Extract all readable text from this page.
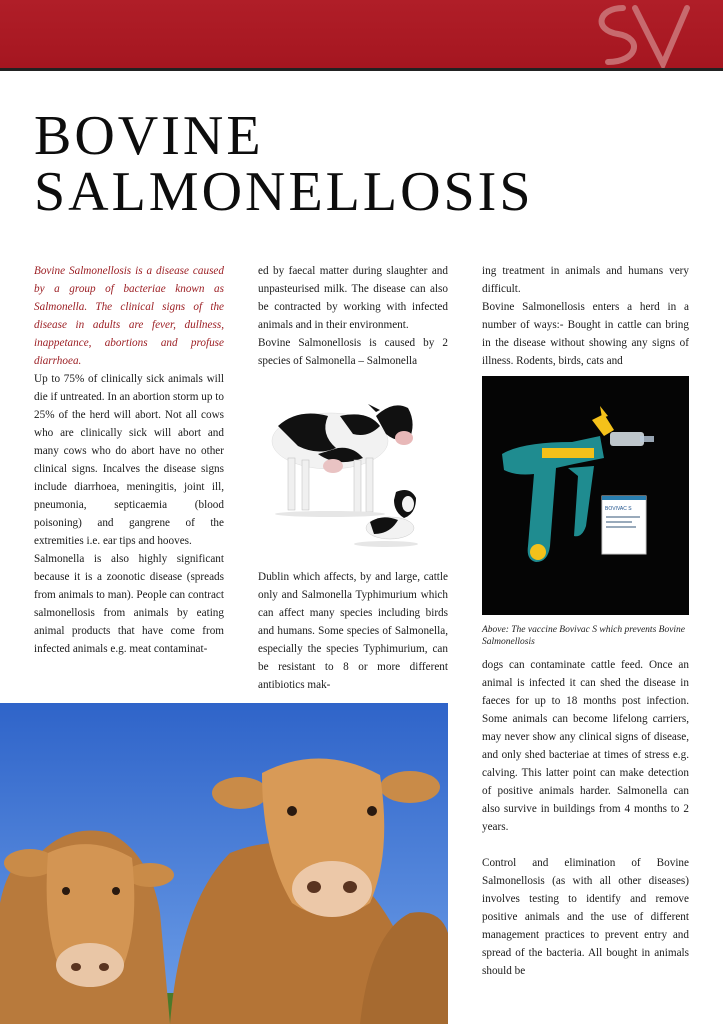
SV
BOVINE
SALMONELLOSIS

Bovine Salmonellosis is a disease caused by a group of bacteriae known as Salmonella. The clinical signs of the disease in adults are fever, dullness, inappetance, abortions and profuse diarrhoea.

Up to 75% of clinically sick animals will die if untreated. In an abortion storm up to 25% of the herd will abort. Not all cows who are clinically sick will abort and many cows who do abort have no other clinical signs. Incalves the disease signs include diarrhoea, meningitis, joint ill, pneumonia, septicaemia (blood poisoning) and gangrene of the extremities i.e. ear tips and hooves.

Salmonella is also highly significant because it is a zoonotic disease (spreads from animals to man). People can contract salmonellosis from animals by eating animal products that have come from infected animals e.g. meat contaminat-

ed by faecal matter during slaughter and unpasteurised milk. The disease can also be contracted by working with infected animals and in their environment.

Bovine Salmonellosis is caused by 2 species of Salmonella – Salmonella

Dublin which affects, by and large, cattle only and Salmonella Typhimurium which can affect many species including birds and humans. Some species of Salmonella, especially the species Typhimurium, can be resistant to 8 or more different antibiotics mak-

ing treatment in animals and humans very difficult.

Bovine Salmonellosis enters a herd in a number of ways:- Bought in cattle can bring in the disease without showing any signs of illness. Rodents, birds, cats and

BOVIVAC S
Above: The vaccine Bovivac S which prevents Bovine Salmonellosis

dogs can contaminate cattle feed. Once an animal is infected it can shed the disease in faeces for up to 18 months post infection. Some animals can become lifelong carriers, may never show any clinical signs of disease, and only shed bacteriae at times of stress e.g. calving. This latter point can make detection of positive animals harder. Salmonella can also survive in buildings from 4 months to 2 years.

Control and elimination of Bovine Salmonellosis (as with all other diseases) involves testing to identify and remove positive animals and the use of different management practices to prevent entry and spread of the bacteria. All bought in animals should be
